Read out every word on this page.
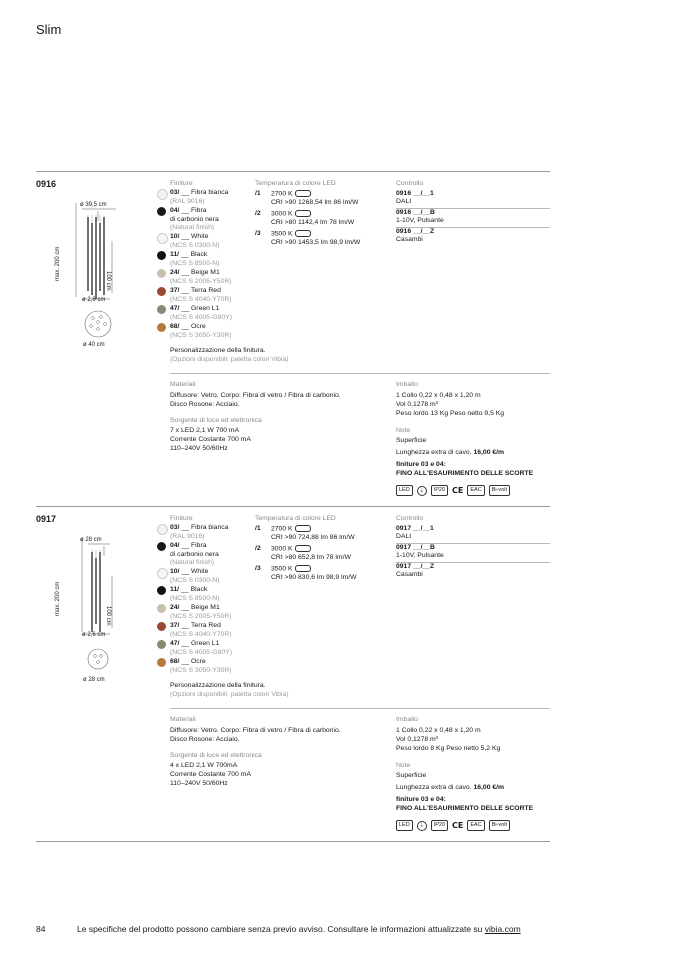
Slim
0916
ø 39,5 cm
ø 2,6 cm
ø 40 cm
max. 200 cm	100 cm
Finiture
03/ __ Fibra bianca
(RAL 9016)
04/ __ Fibra
di carbonio nera
(Natural finish)
10/ __ White
(NCS S 0300-N)
11/ __ Black
(NCS S 8500-N)
24/ __ Beige M1
(NCS S 2005-Y50R)
37/ __ Terra Red
(NCS S 4040-Y70R)
47/ __ Green L1
(NCS S 4005-G80Y)
68/ __ Ocre
(NCS S 3050-Y30R)
Personalizzazione della finitura.
(Opzioni disponibili: paletta colori Vibia)
Temperatura di colore LED
/1 2700 K
CRI >90 1268,54 lm 86 lm/W
/2 3000 K
CRI >80 1142,4 lm 78 lm/W
/3 3500 K
CRI >90 1453,5 lm 98,9 lm/W
Controllo
0916 __/__1
DALI
0916 __/__B
1-10V, Pulsante
0916 __/__Z
Casambi
Materiali
Diffusore: Vetro. Corpo: Fibra di vetro / Fibra di carbonio.
Disco Rosone: Acciaio.
Sorgente di luce ed elettronica
7 x LED 2,1 W 700 mA
Corrente Costante 700 mA
110–240V 50/60Hz
Imballo
1 Collo 0,22 x 0,48 x 1,20 m
Vol 0,1278 m³
Peso lordo 13 Kg Peso netto 9,5 Kg
Note
Superficie
Lunghezza extra di cavo. 16,00 €/m
finiture 03 e 04:
FINO ALL'ESAURIMENTO DELLE SCORTE
LED	⏚	IP20 CE	EAC	Bi-volt
0917
ø 28 cm
ø 2,6 cm
ø 28 cm
max. 200 cm	100 cm
Finiture
03/ __ Fibra bianca
(RAL 9016)
04/ __ Fibra
di carbonio nera
(Natural finish)
10/ __ White
(NCS S 0300-N)
11/ __ Black
(NCS S 8500-N)
24/ __ Beige M1
(NCS S 2005-Y50R)
37/ __ Terra Red
(NCS S 4040-Y70R)
47/ __ Green L1
(NCS S 4005-G80Y)
68/ __ Ocre
(NCS S 3050-Y30R)
Personalizzazione della finitura.
(Opzioni disponibili: paletta colori Vibia)
Temperatura di colore LED
/1 2700 K
CRI >90 724,88 lm 86 lm/W
/2 3000 K
CRI >80 652,8 lm 78 lm/W
/3 3500 K
CRI >90 830,6 lm 98,9 lm/W
Controllo
0917 __/__1
DALI
0917 __/__B
1-10V, Pulsante
0917 __/__Z
Casambi
Materiali
Diffusore: Vetro. Corpo: Fibra di vetro / Fibra di carbonio.
Disco Rosone: Acciaio.
Sorgente di luce ed elettronica
4 x LED 2,1 W 700mA
Corrente Costante 700 mA
110–240V 50/60Hz
Imballo
1 Collo 0,22 x 0,48 x 1,20 m
Vol 0,1278 m³
Peso lordo 8 Kg Peso netto 5,2 Kg
Note
Superficie
Lunghezza extra di cavo. 16,00 €/m
finiture 03 e 04:
FINO ALL'ESAURIMENTO DELLE SCORTE
LED	⏚	IP20 CE	EAC	Bi-volt
84	Le specifiche del prodotto possono cambiare senza previo avviso. Consultare le informazioni attualizzate su vibia.com
